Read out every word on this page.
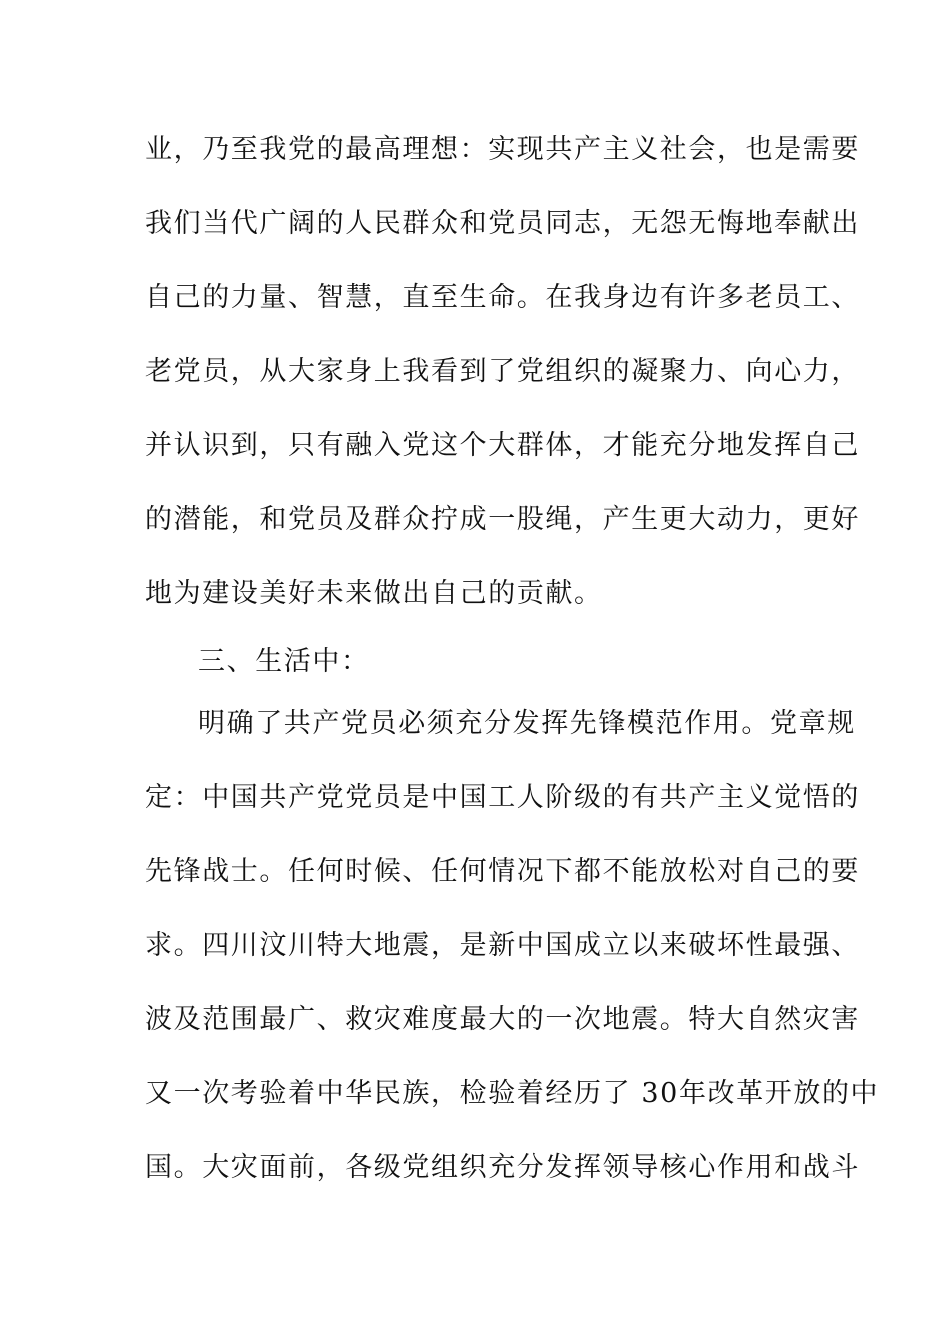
业，乃至我党的最高理想：实现共产主义社会，也是需要
我们当代广阔的人民群众和党员同志，无怨无悔地奉献出
自己的力量、智慧，直至生命。在我身边有许多老员工、
老党员，从大家身上我看到了党组织的凝聚力、向心力，
并认识到，只有融入党这个大群体，才能充分地发挥自己
的潜能，和党员及群众拧成一股绳，产生更大动力，更好
地为建设美好未来做出自己的贡献。
三、生活中：
明确了共产党员必须充分发挥先锋模范作用。党章规
定：中国共产党党员是中国工人阶级的有共产主义觉悟的
先锋战士。任何时候、任何情况下都不能放松对自己的要
求。四川汶川特大地震，是新中国成立以来破坏性最强、
波及范围最广、救灾难度最大的一次地震。特大自然灾害
又一次考验着中华民族，检验着经历了 30年改革开放的中
国。大灾面前，各级党组织充分发挥领导核心作用和战斗
